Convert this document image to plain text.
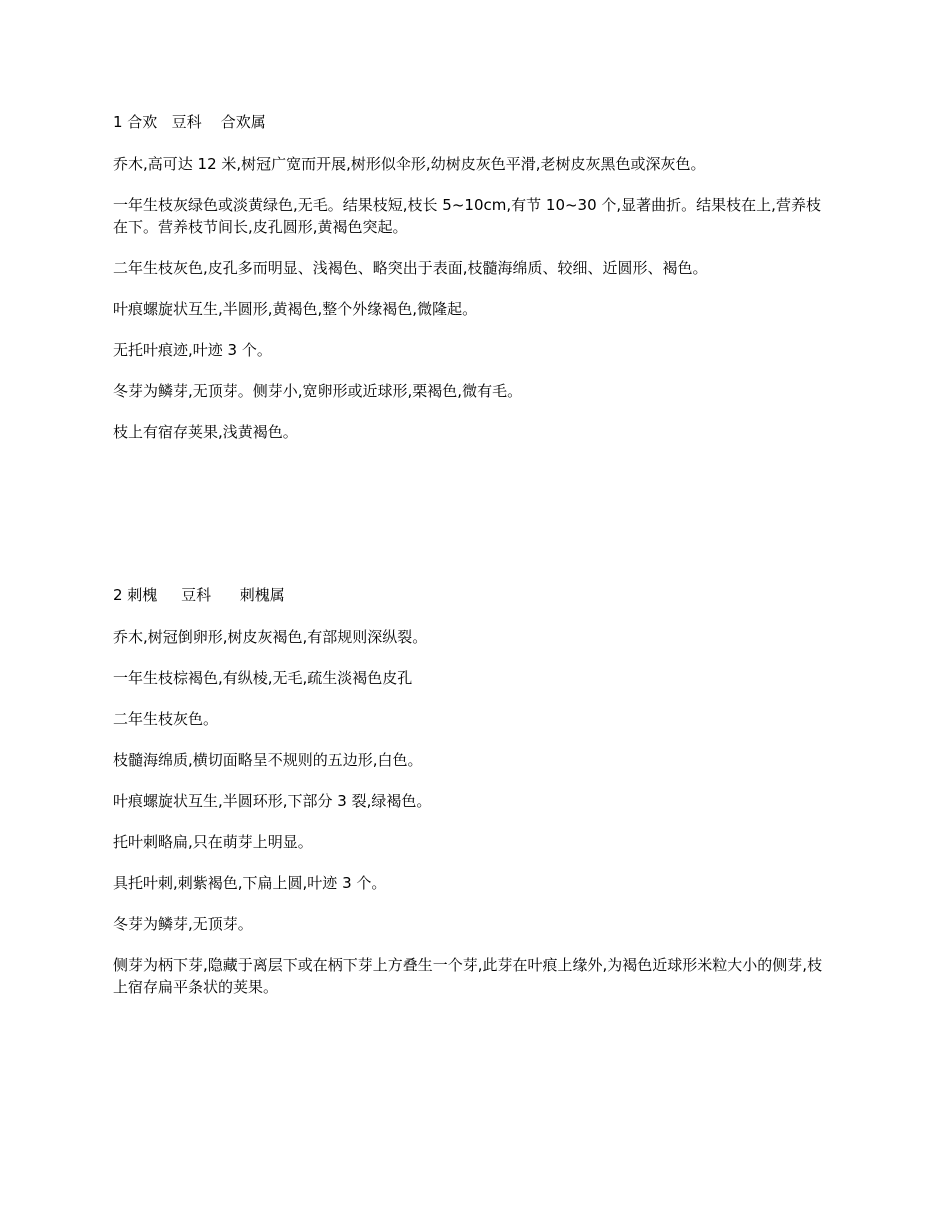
1 合欢   豆科    合欢属

乔木,高可达 12 米,树冠广宽而开展,树形似伞形,幼树皮灰色平滑,老树皮灰黑色或深灰色。

一年生枝灰绿色或淡黄绿色,无毛。结果枝短,枝长 5~10cm,有节 10~30 个,显著曲折。结果枝在上,营养枝在下。营养枝节间长,皮孔圆形,黄褐色突起。

二年生枝灰色,皮孔多而明显、浅褐色、略突出于表面,枝髓海绵质、较细、近圆形、褐色。

叶痕螺旋状互生,半圆形,黄褐色,整个外缘褐色,微隆起。

无托叶痕迹,叶迹 3 个。

冬芽为鳞芽,无顶芽。侧芽小,宽卵形或近球形,栗褐色,微有毛。

枝上有宿存荚果,浅黄褐色。

2 刺槐     豆科      刺槐属

乔木,树冠倒卵形,树皮灰褐色,有部规则深纵裂。

一年生枝棕褐色,有纵棱,无毛,疏生淡褐色皮孔

二年生枝灰色。

枝髓海绵质,横切面略呈不规则的五边形,白色。

叶痕螺旋状互生,半圆环形,下部分 3 裂,绿褐色。

托叶刺略扁,只在萌芽上明显。

具托叶刺,刺紫褐色,下扁上圆,叶迹 3 个。

冬芽为鳞芽,无顶芽。

侧芽为柄下芽,隐藏于离层下或在柄下芽上方叠生一个芽,此芽在叶痕上缘外,为褐色近球形米粒大小的侧芽,枝上宿存扁平条状的荚果。
